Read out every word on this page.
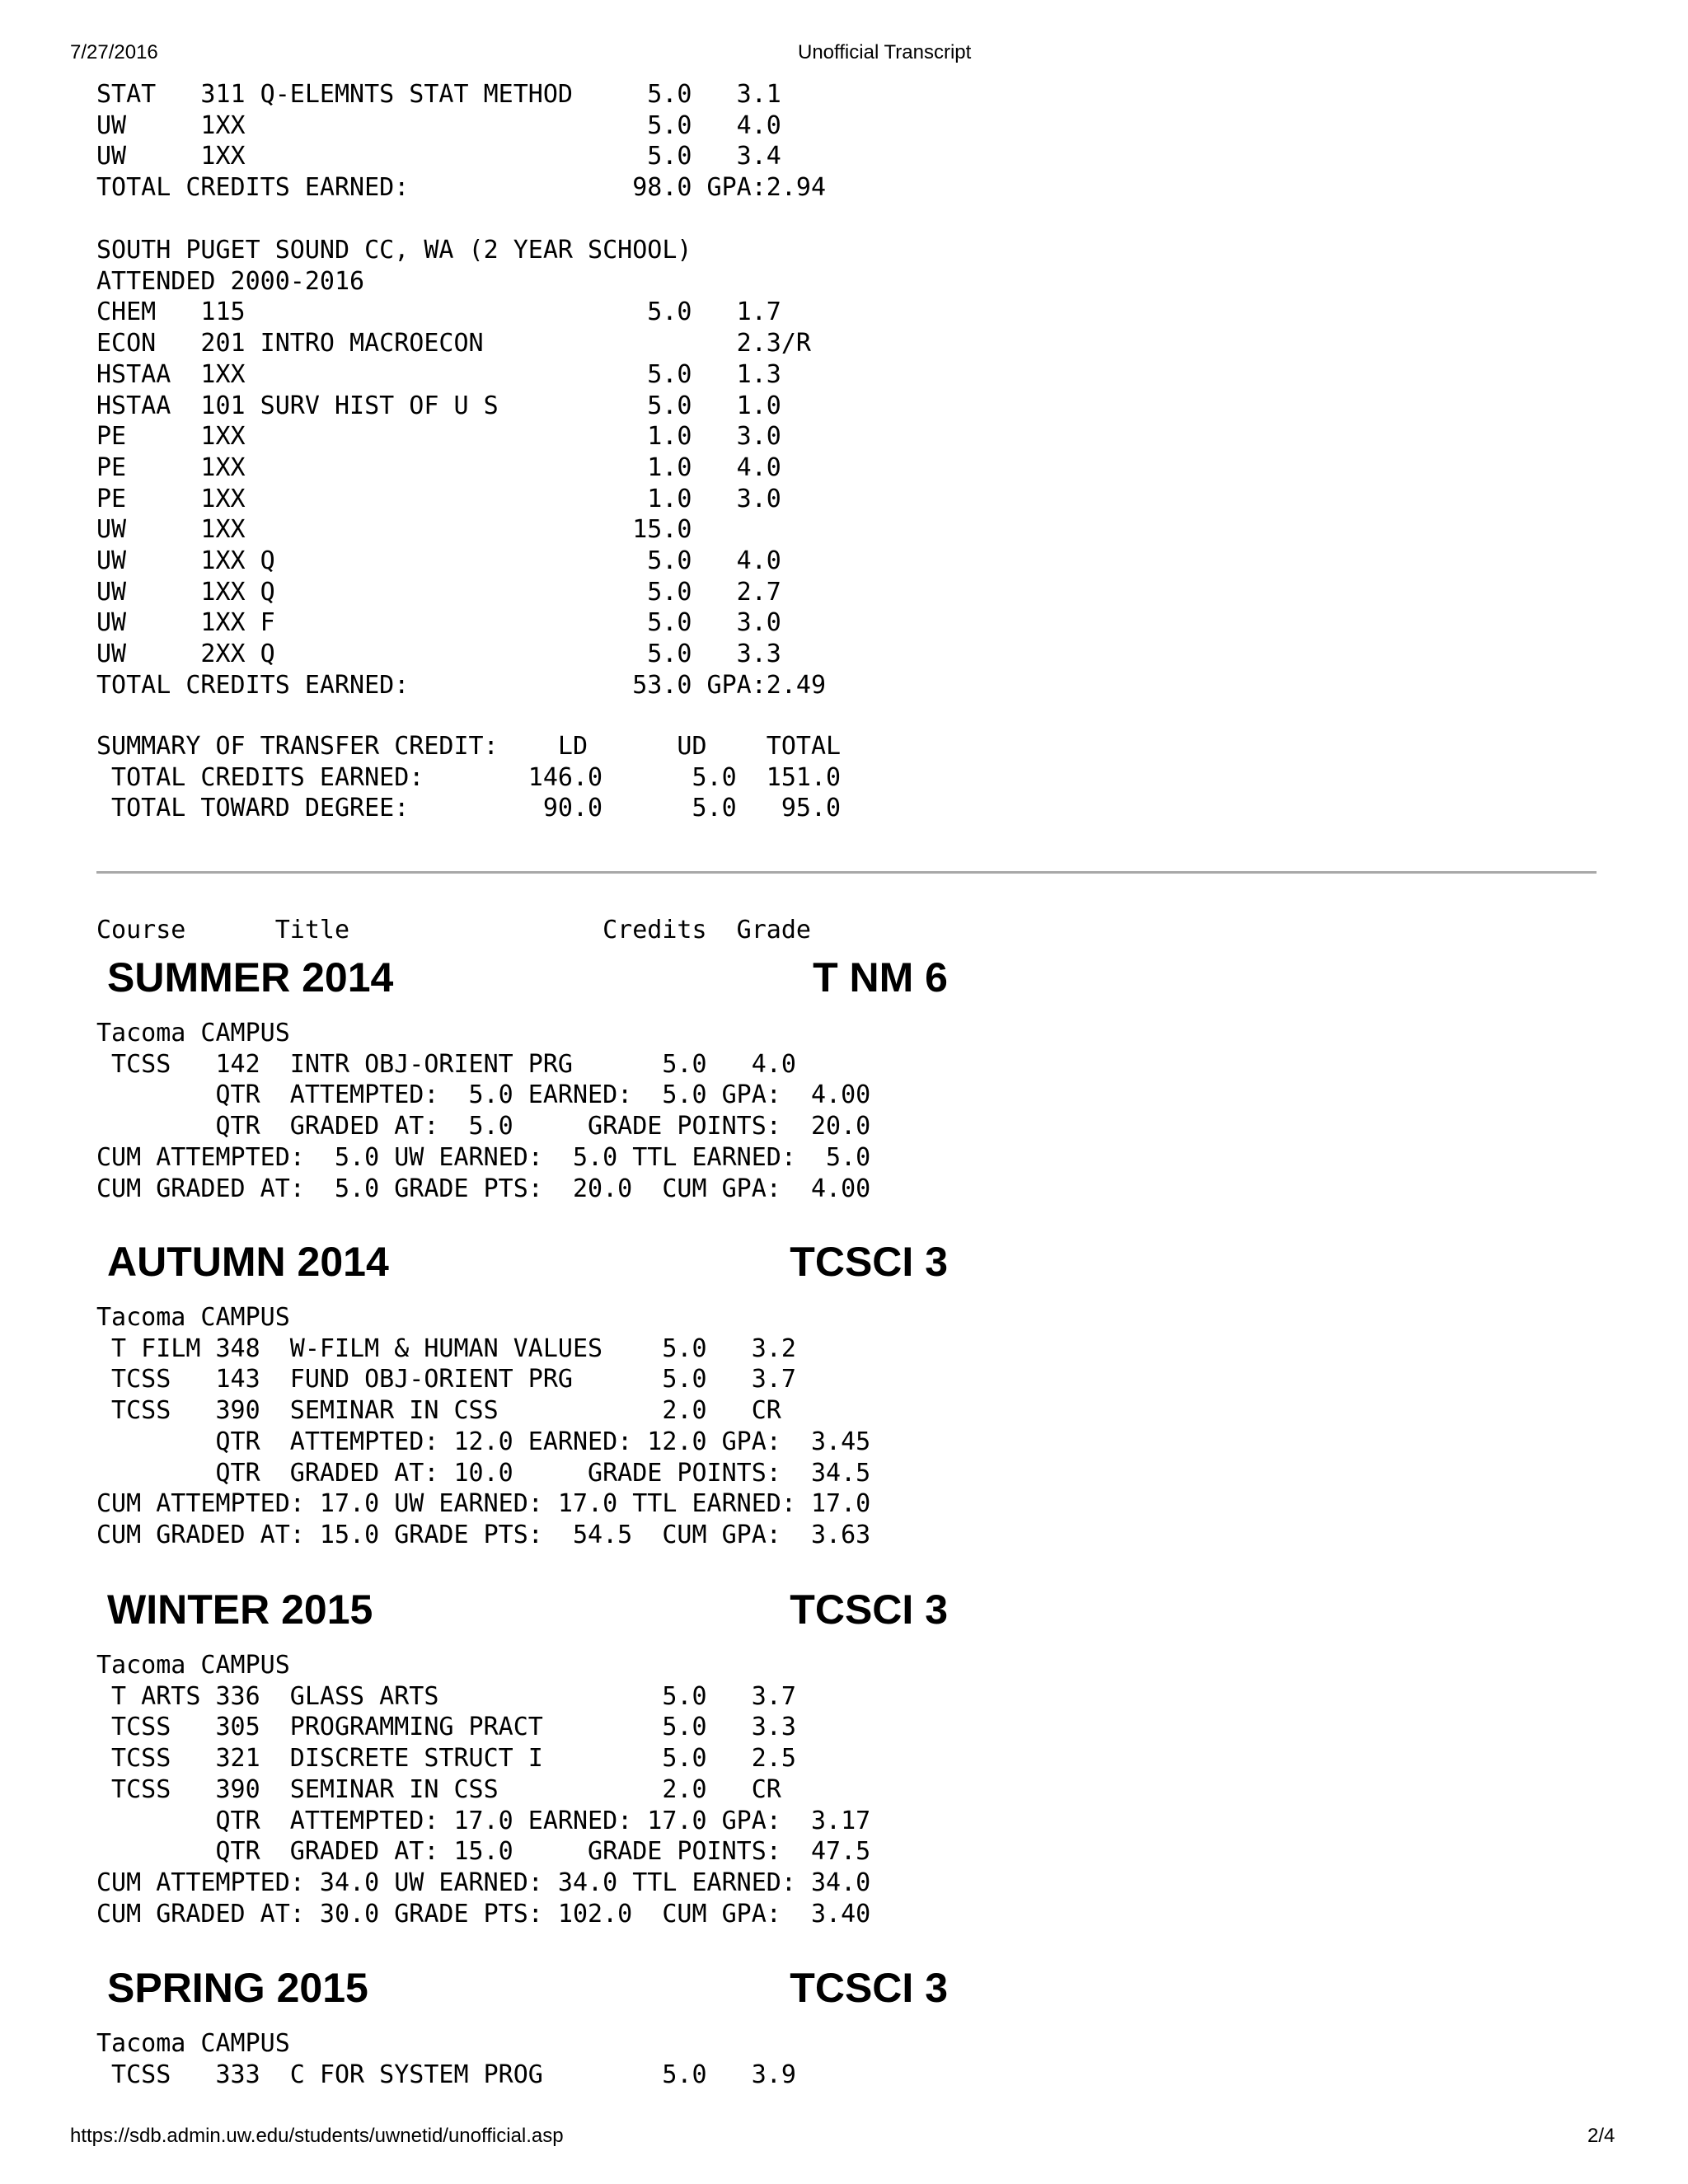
7/27/2016	Unofficial Transcript
STAT   311 Q-ELEMNTS STAT METHOD     5.0   3.1
UW     1XX                           5.0   4.0
UW     1XX                           5.0   3.4
TOTAL CREDITS EARNED:               98.0 GPA:2.94
SOUTH PUGET SOUND CC, WA (2 YEAR SCHOOL)
ATTENDED 2000-2016
CHEM   115                           5.0   1.7
ECON   201 INTRO MACROECON                 2.3/R
HSTAA  1XX                           5.0   1.3
HSTAA  101 SURV HIST OF U S          5.0   1.0
PE     1XX                           1.0   3.0
PE     1XX                           1.0   4.0
PE     1XX                           1.0   3.0
UW     1XX                          15.0
UW     1XX Q                         5.0   4.0
UW     1XX Q                         5.0   2.7
UW     1XX F                         5.0   3.0
UW     2XX Q                         5.0   3.3
TOTAL CREDITS EARNED:               53.0 GPA:2.49
SUMMARY OF TRANSFER CREDIT:    LD      UD    TOTAL
TOTAL CREDITS EARNED:       146.0      5.0  151.0
TOTAL TOWARD DEGREE:         90.0      5.0   95.0
Course      Title                 Credits  Grade
SUMMER 2014	T NM 6
Tacoma CAMPUS
TCSS   142  INTR OBJ-ORIENT PRG      5.0   4.0
QTR  ATTEMPTED:  5.0 EARNED:  5.0 GPA:  4.00
QTR  GRADED AT:  5.0     GRADE POINTS:  20.0
CUM ATTEMPTED:  5.0 UW EARNED:  5.0 TTL EARNED:  5.0
CUM GRADED AT:  5.0 GRADE PTS:  20.0  CUM GPA:  4.00
AUTUMN 2014	TCSCI 3
Tacoma CAMPUS
T FILM 348  W-FILM & HUMAN VALUES    5.0   3.2
TCSS   143  FUND OBJ-ORIENT PRG      5.0   3.7
TCSS   390  SEMINAR IN CSS           2.0   CR
QTR  ATTEMPTED: 12.0 EARNED: 12.0 GPA:  3.45
QTR  GRADED AT: 10.0     GRADE POINTS:  34.5
CUM ATTEMPTED: 17.0 UW EARNED: 17.0 TTL EARNED: 17.0
CUM GRADED AT: 15.0 GRADE PTS:  54.5  CUM GPA:  3.63
WINTER 2015	TCSCI 3
Tacoma CAMPUS
T ARTS 336  GLASS ARTS               5.0   3.7
TCSS   305  PROGRAMMING PRACT        5.0   3.3
TCSS   321  DISCRETE STRUCT I        5.0   2.5
TCSS   390  SEMINAR IN CSS           2.0   CR
QTR  ATTEMPTED: 17.0 EARNED: 17.0 GPA:  3.17
QTR  GRADED AT: 15.0     GRADE POINTS:  47.5
CUM ATTEMPTED: 34.0 UW EARNED: 34.0 TTL EARNED: 34.0
CUM GRADED AT: 30.0 GRADE PTS: 102.0  CUM GPA:  3.40
SPRING 2015	TCSCI 3
Tacoma CAMPUS
TCSS   333  C FOR SYSTEM PROG        5.0   3.9
https://sdb.admin.uw.edu/students/uwnetid/unofficial.asp	2/4
